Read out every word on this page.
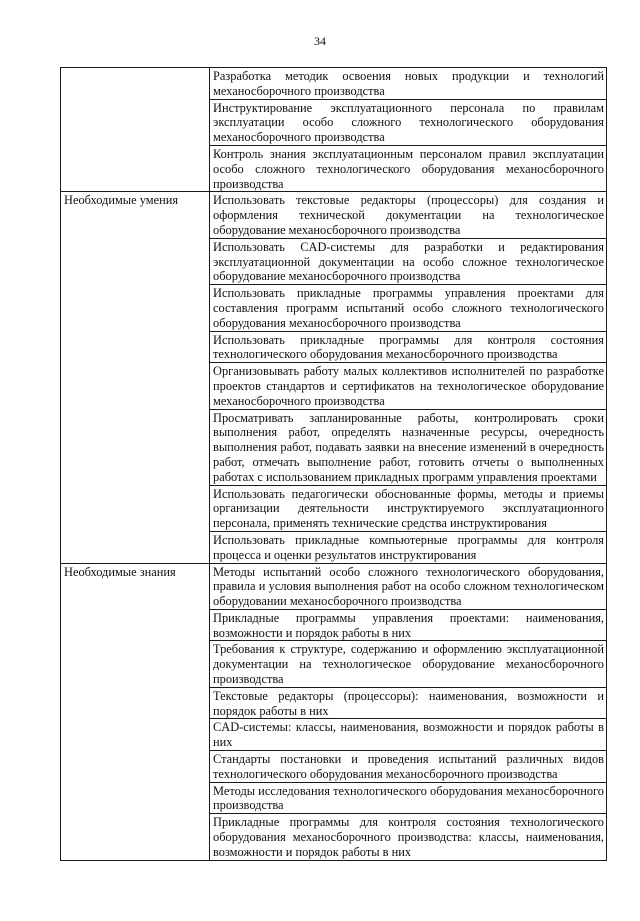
34
	Разработка методик освоения новых продукции и технологий механосборочного производства
	Инструктирование эксплуатационного персонала по правилам эксплуатации особо сложного технологического оборудования механосборочного производства
	Контроль знания эксплуатационным персоналом правил эксплуатации особо сложного технологического оборудования механосборочного производства
Необходимые умения	Использовать текстовые редакторы (процессоры) для создания и оформления технической документации на технологическое оборудование механосборочного производства
	Использовать CAD-системы для разработки и редактирования эксплуатационной документации на особо сложное технологическое оборудование механосборочного производства
	Использовать прикладные программы управления проектами для составления программ испытаний особо сложного технологического оборудования механосборочного производства
	Использовать прикладные программы для контроля состояния технологического оборудования механосборочного производства
	Организовывать работу малых коллективов исполнителей по разработке проектов стандартов и сертификатов на технологическое оборудование механосборочного производства
	Просматривать запланированные работы, контролировать сроки выполнения работ, определять назначенные ресурсы, очередность выполнения работ, подавать заявки на внесение изменений в очередность работ, отмечать выполнение работ, готовить отчеты о выполненных работах с использованием прикладных программ управления проектами
	Использовать педагогически обоснованные формы, методы и приемы организации деятельности инструктируемого эксплуатационного персонала, применять технические средства инструктирования
	Использовать прикладные компьютерные программы для контроля процесса и оценки результатов инструктирования
Необходимые знания	Методы испытаний особо сложного технологического оборудования, правила и условия выполнения работ на особо сложном технологическом оборудовании механосборочного производства
	Прикладные программы управления проектами: наименования, возможности и порядок работы в них
	Требования к структуре, содержанию и оформлению эксплуатационной документации на технологическое оборудование механосборочного производства
	Текстовые редакторы (процессоры): наименования, возможности и порядок работы в них
	CAD-системы: классы, наименования, возможности и порядок работы в них
	Стандарты постановки и проведения испытаний различных видов технологического оборудования механосборочного производства
	Методы исследования технологического оборудования механосборочного производства
	Прикладные программы для контроля состояния технологического оборудования механосборочного производства: классы, наименования, возможности и порядок работы в них
